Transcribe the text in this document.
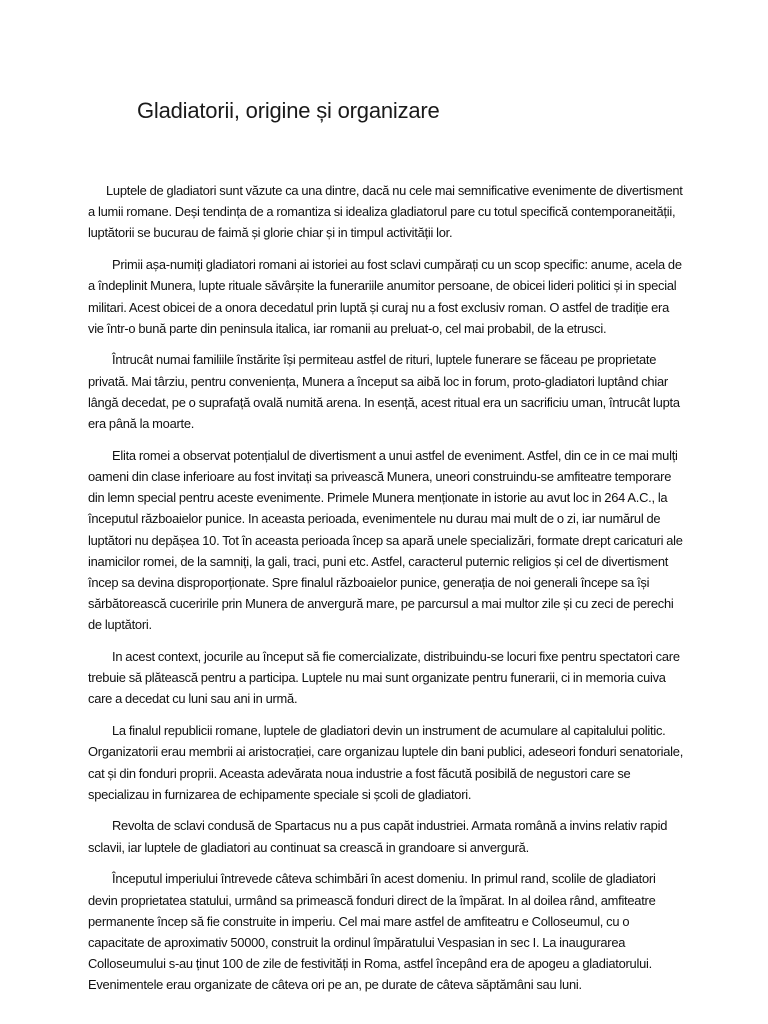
Gladiatorii, origine și organizare

Luptele de gladiatori sunt văzute ca una dintre, dacă nu cele mai semnificative evenimente de divertisment a lumii romane. Deși tendința de a romantiza si idealiza gladiatorul pare cu totul specifică contemporaneității, luptătorii se bucurau de faimă și glorie chiar și in timpul activității lor.

Primii așa-numiți gladiatori romani ai istoriei au fost sclavi cumpărați cu un scop specific: anume, acela de a îndeplinit Munera, lupte rituale săvârșite la funerariile anumitor persoane, de obicei lideri politici și in special militari. Acest obicei de a onora decedatul prin luptă și curaj nu a fost exclusiv roman. O astfel de tradiție era vie într-o bună parte din peninsula italica, iar romanii au preluat-o, cel mai probabil, de la etrusci.

Întrucât numai familiile înstărite își permiteau astfel de rituri, luptele funerare se făceau pe proprietate privată. Mai târziu, pentru conveniența, Munera a început sa aibă loc in forum, proto-gladiatori luptând chiar lângă decedat, pe o suprafață ovală numită arena. In esență, acest ritual era un sacrificiu uman, întrucât lupta era până la moarte.

Elita romei a observat potențialul de divertisment a unui astfel de eveniment. Astfel, din ce in ce mai mulți oameni din clase inferioare au fost invitați sa privească Munera, uneori construindu-se amfiteatre temporare din lemn special pentru aceste evenimente. Primele Munera menționate in istorie au avut loc in 264 A.C., la începutul războaielor punice. In aceasta perioada, evenimentele nu durau mai mult de o zi, iar numărul de luptători nu depășea 10. Tot în aceasta perioada încep sa apară unele specializări, formate drept caricaturi ale inamicilor romei, de la samniți, la gali, traci, puni etc. Astfel, caracterul puternic religios și cel de divertisment încep sa devina disproporționate. Spre finalul războaielor punice, generația de noi generali începe sa își sărbătorească cuceririle prin Munera de anvergură mare, pe parcursul a mai multor zile și cu zeci de perechi de luptători.

In acest context, jocurile au început să fie comercializate, distribuindu-se locuri fixe pentru spectatori care trebuie să plătească pentru a participa. Luptele nu mai sunt organizate pentru funerarii, ci in memoria cuiva care a decedat cu luni sau ani in urmă.

La finalul republicii romane, luptele de gladiatori devin un instrument de acumulare al capitalului politic. Organizatorii erau membrii ai aristocrației, care organizau luptele din bani publici, adeseori fonduri senatoriale, cat și din fonduri proprii. Aceasta adevărata noua industrie a fost făcută posibilă de negustori care se specializau in furnizarea de echipamente speciale si școli de gladiatori.

Revolta de sclavi condusă de Spartacus nu a pus capăt industriei. Armata română a invins relativ rapid sclavii, iar luptele de gladiatori au continuat sa crească in grandoare si anvergură.

Începutul imperiului întrevede câteva schimbări în acest domeniu. In primul rand, scolile de gladiatori devin proprietatea statului, urmând sa primească fonduri direct de la împărat. In al doilea rând, amfiteatre permanente încep să fie construite in imperiu. Cel mai mare astfel de amfiteatru e Colloseumul, cu o capacitate de aproximativ 50000, construit la ordinul împăratului Vespasian in sec I. La inaugurarea Colloseumului s-au ținut 100 de zile de festivități in Roma, astfel începând era de apogeu a gladiatorului. Evenimentele erau organizate de câteva ori pe an, pe durate de câteva săptămâni sau luni.
